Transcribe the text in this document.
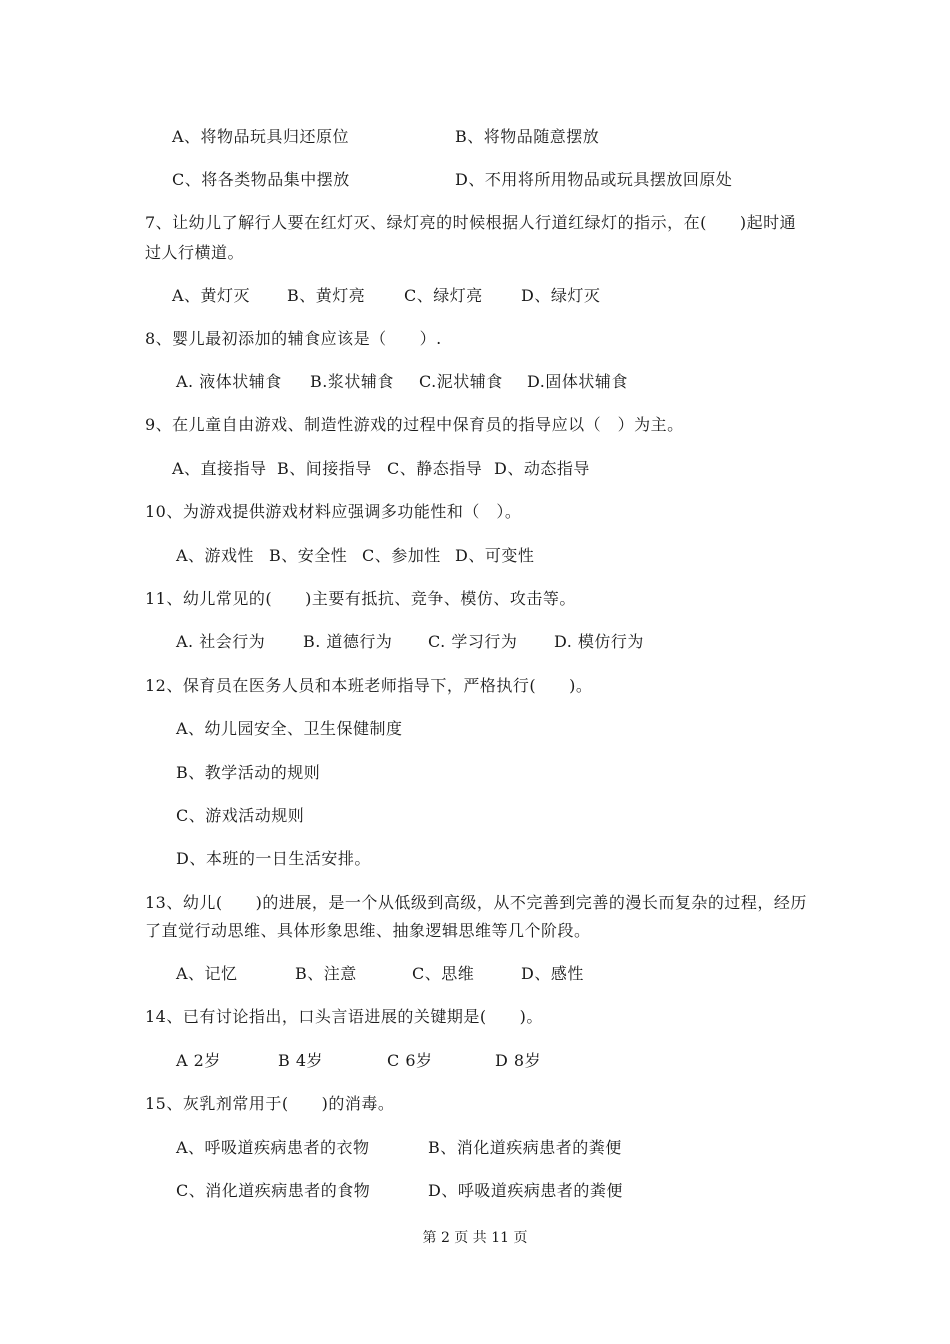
A、将物品玩具归还原位	B、将物品随意摆放
C、将各类物品集中摆放	D、不用将所用物品或玩具摆放回原处
7、让幼儿了解行人要在红灯灭、绿灯亮的时候根据人行道红绿灯的指示，在(　　)起时通
过人行横道。
A、黄灯灭 B、黄灯亮 C、绿灯亮 D、绿灯灭
8、婴儿最初添加的辅食应该是（　　）.
A. 液体状辅食 B.浆状辅食 C.泥状辅食 D.固体状辅食
9、在儿童自由游戏、制造性游戏的过程中保育员的指导应以（　）为主。
A、直接指导 B、间接指导 C、静态指导 D、动态指导
10、为游戏提供游戏材料应强调多功能性和（　）。
A、游戏性 B、安全性 C、参加性 D、可变性
11、幼儿常见的(　　)主要有抵抗、竞争、模仿、攻击等。
A. 社会行为 B. 道德行为 C. 学习行为 D. 模仿行为
12、保育员在医务人员和本班老师指导下，严格执行(　　)。
A、幼儿园安全、卫生保健制度
B、教学活动的规则
C、游戏活动规则
D、本班的一日生活安排。
13、幼儿(　　)的进展，是一个从低级到高级，从不完善到完善的漫长而复杂的过程，经历
了直觉行动思维、具体形象思维、抽象逻辑思维等几个阶段。
A、记忆	B、注意	C、思维	D、感性
14、已有讨论指出，口头言语进展的关键期是(　　)。
A 2岁	B 4岁	C 6岁	D 8岁
15、灰乳剂常用于(　　)的消毒。
A、呼吸道疾病患者的衣物	B、消化道疾病患者的粪便
C、消化道疾病患者的食物	D、呼吸道疾病患者的粪便
第 2 页 共 11 页
